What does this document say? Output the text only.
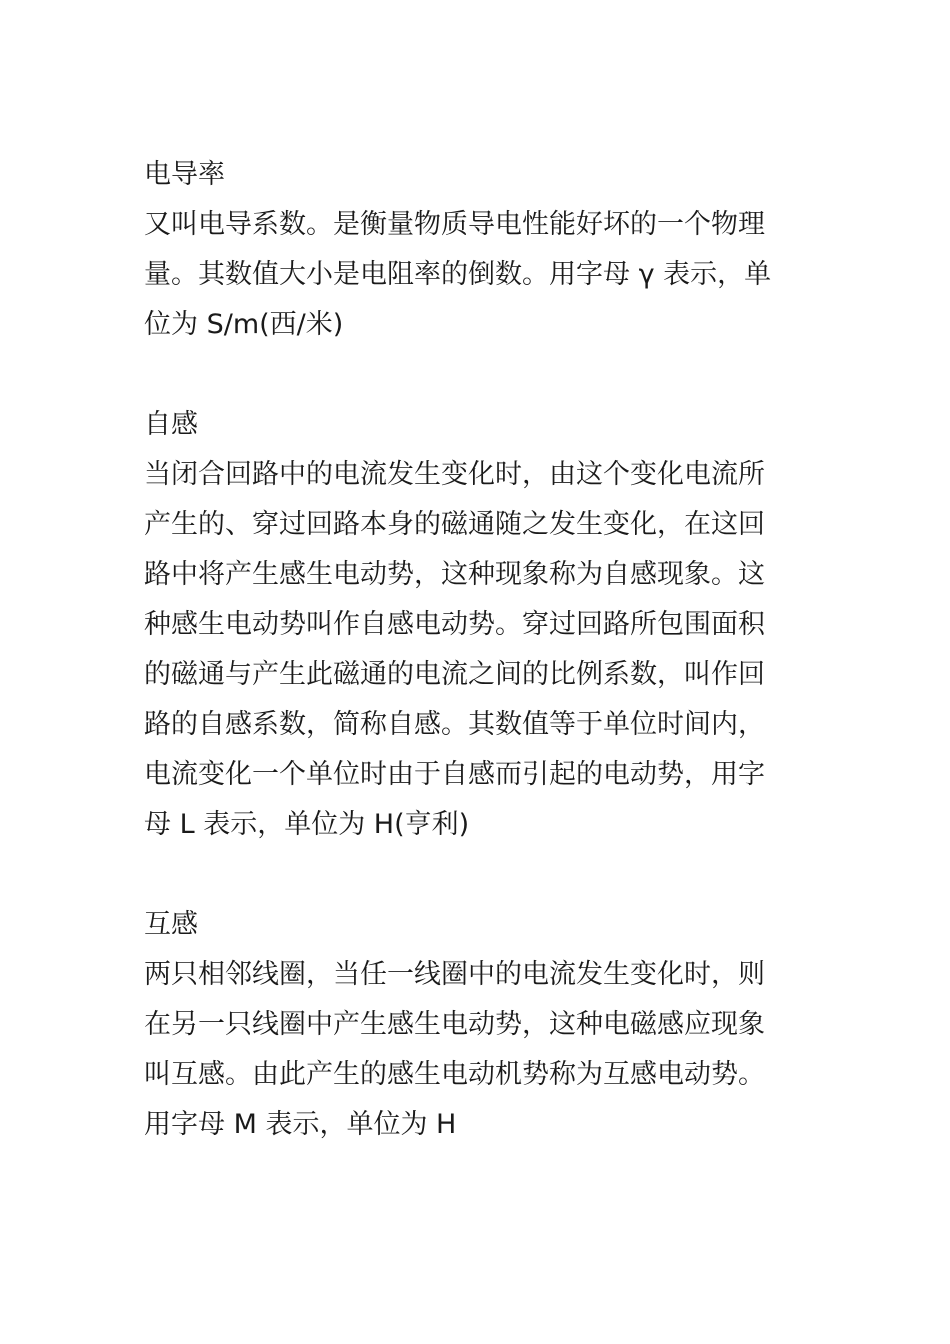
电导率

又叫电导系数。是衡量物质导电性能好坏的一个物理

量。其数值大小是电阻率的倒数。用字母 γ 表示，单

位为 S/m(西/米)

自感

当闭合回路中的电流发生变化时，由这个变化电流所

产生的、穿过回路本身的磁通随之发生变化，在这回

路中将产生感生电动势，这种现象称为自感现象。这

种感生电动势叫作自感电动势。穿过回路所包围面积

的磁通与产生此磁通的电流之间的比例系数，叫作回

路的自感系数，简称自感。其数值等于单位时间内，

电流变化一个单位时由于自感而引起的电动势，用字

母 L 表示，单位为 H(亨利)

互感

两只相邻线圈，当任一线圈中的电流发生变化时，则

在另一只线圈中产生感生电动势，这种电磁感应现象

叫互感。由此产生的感生电动机势称为互感电动势。

用字母 M 表示，单位为 H
